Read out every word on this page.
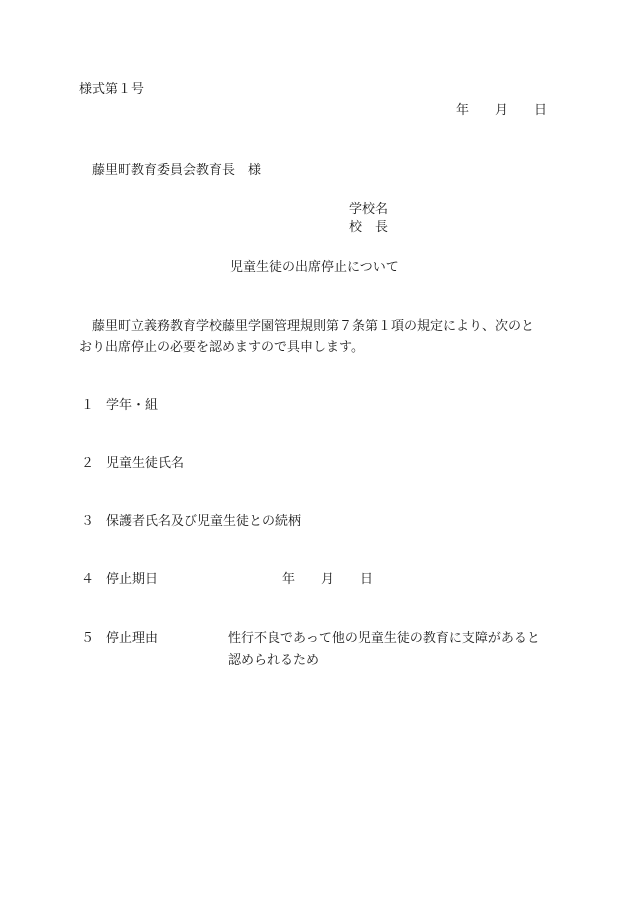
様式第１号
年　　月　　日
藤里町教育委員会教育長　様
学校名
校　長
児童生徒の出席停止について
藤里町立義務教育学校藤里学園管理規則第７条第１項の規定により、次のと
おり出席停止の必要を認めますので具申します。
１ 学年・組
２ 児童生徒氏名
３ 保護者氏名及び児童生徒との続柄
４ 停止期日	年　　月　　日
５ 停止理由	性行不良であって他の児童生徒の教育に支障があると
認められるため
